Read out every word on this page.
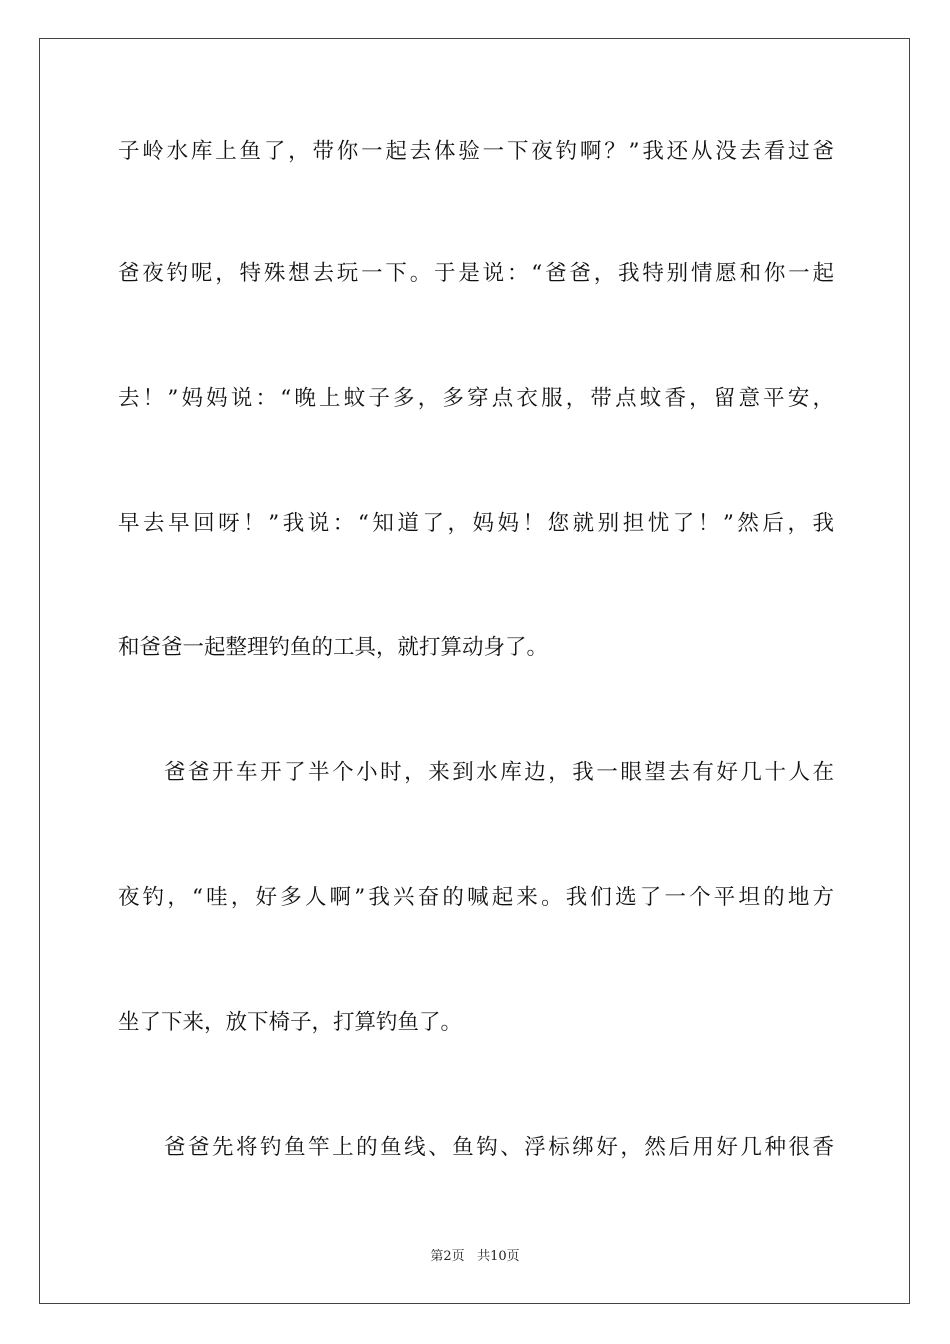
子岭水库上鱼了，带你一起去体验一下夜钓啊？”我还从没去看过爸
爸夜钓呢，特殊想去玩一下。于是说：“爸爸，我特别情愿和你一起
去！”妈妈说：“晚上蚊子多，多穿点衣服，带点蚊香，留意平安，
早去早回呀！”我说：“知道了，妈妈！您就别担忧了！”然后，我
和爸爸一起整理钓鱼的工具，就打算动身了。
爸爸开车开了半个小时，来到水库边，我一眼望去有好几十人在
夜钓，“哇，好多人啊”我兴奋的喊起来。我们选了一个平坦的地方
坐了下来，放下椅子，打算钓鱼了。
爸爸先将钓鱼竿上的鱼线、鱼钩、浮标绑好，然后用好几种很香
第2页 共10页
